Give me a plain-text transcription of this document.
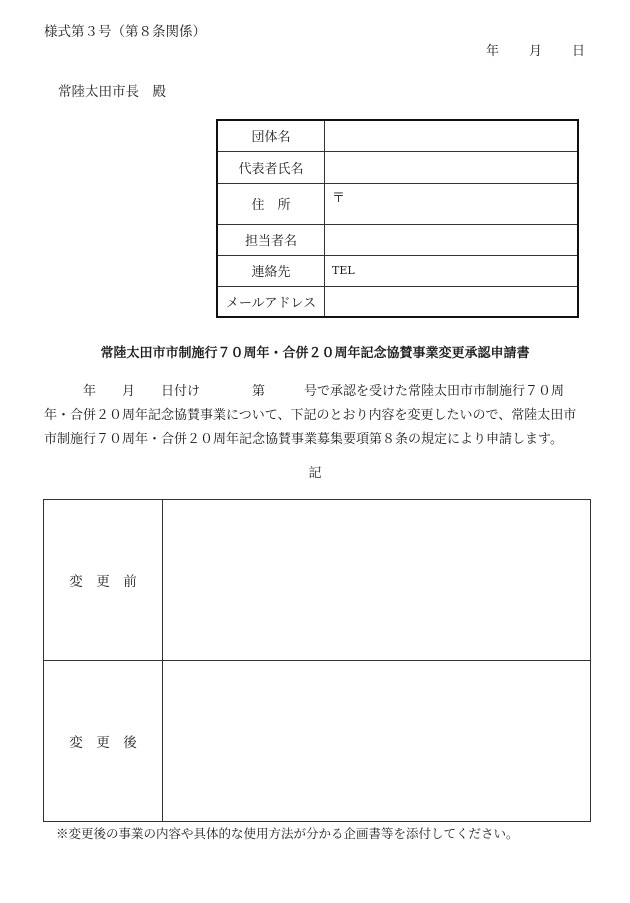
様式第３号（第８条関係）
年 月 日
常陸太田市長　殿
団体名	
代表者氏名	
住　所	〒
担当者名	
連絡先	TEL
メールアドレス	
常陸太田市市制施行７０周年・合併２０周年記念協賛事業変更承認申請書
　　　年　　月　　日付け　　　　第　　　号で承認を受けた常陸太田市市制施行７０周年・合併２０周年記念協賛事業について、下記のとおり内容を変更したいので、常陸太田市市制施行７０周年・合併２０周年記念協賛事業募集要項第８条の規定により申請します。
記
変　更　前	
変　更　後	
※変更後の事業の内容や具体的な使用方法が分かる企画書等を添付してください。
